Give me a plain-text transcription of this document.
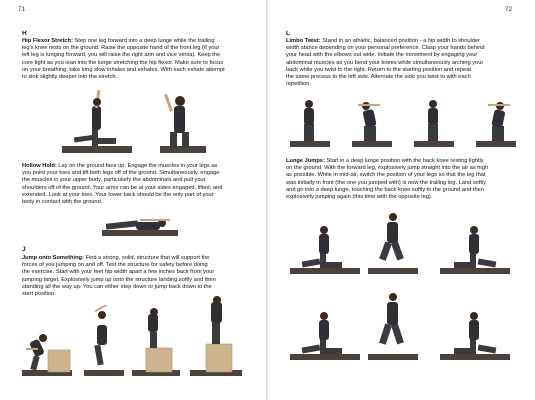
71
H
Hip Flexor Stretch: Step one leg forward into a deep lunge while the trailing
leg's knee rests on the ground. Raise the opposite hand of the front leg (if your
left leg is lunging forward, you will raise the right arm and vice versa). Keep the
core tight as you lean into the lunge stretching the hip flexor. Make sure to focus
on your breathing, take long slow inhales and exhales. With each exhale attempt
to sink slightly deeper into the stretch.
Hollow Hold: Lay on the ground face up. Engage the muscles in your legs as
you point your toes and lift both legs off of the ground. Simultaneously, engage
the muscles in your upper body, particularly the abdominals and pull your
shoulders off of the ground. Your arms can be at your sides engaged, lifted, and
extended. Look at your toes. Your lower back should be the only part of your
body in contact with the ground.
J
Jump onto Something: Find a strong, solid, structure that will support the
forces of you jumping on and off. Test the structure for safety before doing
the exercise. Start with your feet hip width apart a few inches back from your
jumping target. Explosively jump up onto the structure landing softly and then
standing all the way up. You can either step down or jump back down to the
start position.
72
L
Limbo Twist: Stand in an athletic, balanced position - a hip width to shoulder
width stance depending on your personal preference. Clasp your hands behind
your head with the elbows out wide. Initiate the movement by engaging your
abdominal muscles as you bend your knees while simultaneously arching your
back while you twist to the right. Return to the starting position and repeat
the same process to the left side. Alternate the side you twist to with each
repetition.
Lunge Jumps: Start in a deep lunge position with the back knee resting lightly
on the ground. With the forward leg, explosively jump straight into the air as high
as possible. While in mid-air, switch the position of your legs so that the leg that
was initially in front (the one you jumped with) is now the trailing leg. Land softly
and go into a deep lunge, touching the back knee softly to the ground and then
explosively jumping again (this time with the opposite leg).
